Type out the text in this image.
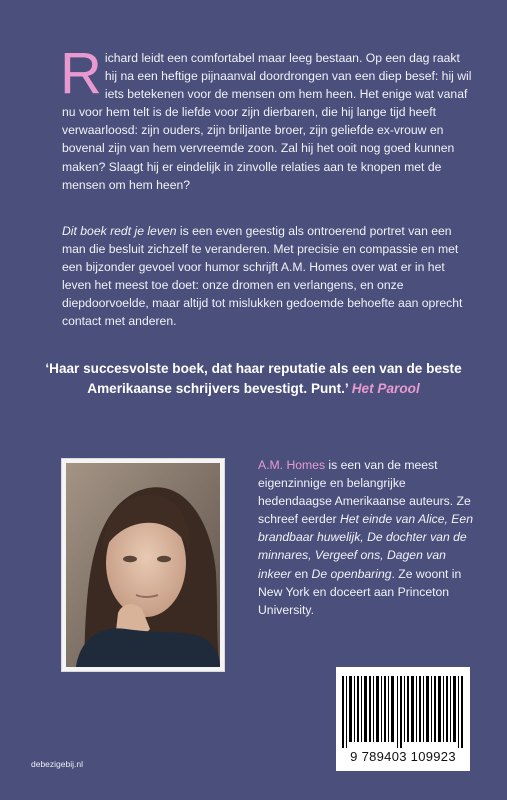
Richard leidt een comfortabel maar leeg bestaan. Op een dag raakt hij na een heftige pijnaanval doordrongen van een diep besef: hij wil iets betekenen voor de mensen om hem heen. Het enige wat vanaf nu voor hem telt is de liefde voor zijn dierbaren, die hij lange tijd heeft verwaarloosd: zijn ouders, zijn briljante broer, zijn geliefde ex-vrouw en bovenal zijn van hem vervreemde zoon. Zal hij het ooit nog goed kunnen maken? Slaagt hij er eindelijk in zinvolle relaties aan te knopen met de mensen om hem heen?
Dit boek redt je leven is een even geestig als ontroerend portret van een man die besluit zichzelf te veranderen. Met precisie en compassie en met een bijzonder gevoel voor humor schrijft A.M. Homes over wat er in het leven het meest toe doet: onze dromen en verlangens, en onze diepdoorvoelde, maar altijd tot mislukken gedoemde behoefte aan oprecht contact met anderen.
‘Haar succesvolste boek, dat haar reputatie als een van de beste Amerikaanse schrijvers bevestigt. Punt.’ Het Parool
A.M. Homes is een van de meest eigenzinnige en belangrijke hedendaagse Amerikaanse auteurs. Ze schreef eerder Het einde van Alice, Een brandbaar huwelijk, De dochter van de minnares, Vergeef ons, Dagen van inkeer en De openbaring. Ze woont in New York en doceert aan Princeton University.
9 789403 109923
debezigebij.nl
